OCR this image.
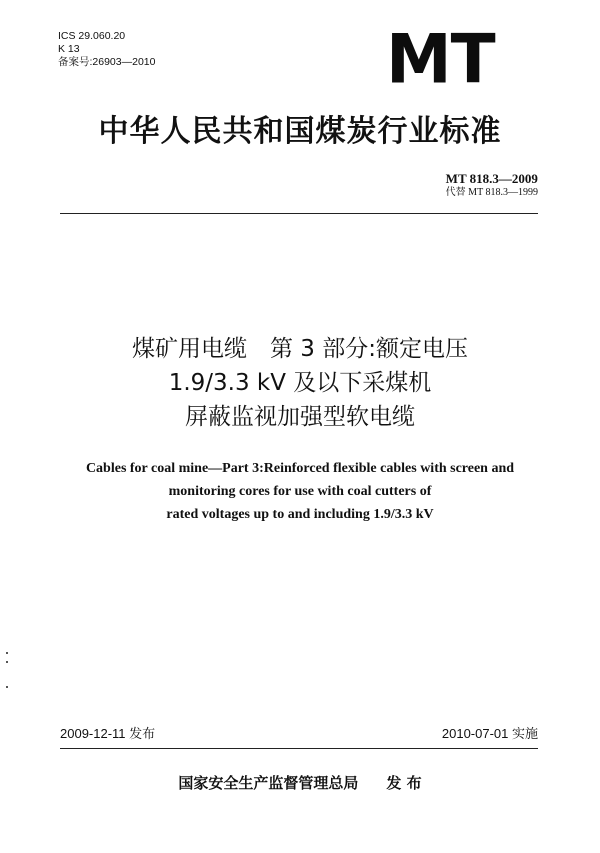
ICS 29.060.20
K 13
备案号:26903—2010	MT
中华人民共和国煤炭行业标准
MT 818.3—2009
代替 MT 818.3—1999
煤矿用电缆　第 3 部分:额定电压
1.9/3.3 kV 及以下采煤机
屏蔽监视加强型软电缆
Cables for coal mine—Part 3:Reinforced flexible cables with screen and
monitoring cores for use with coal cutters of
rated voltages up to and including 1.9/3.3 kV
2009-12-11 发布	2010-07-01 实施
国家安全生产监督管理总局 发 布
